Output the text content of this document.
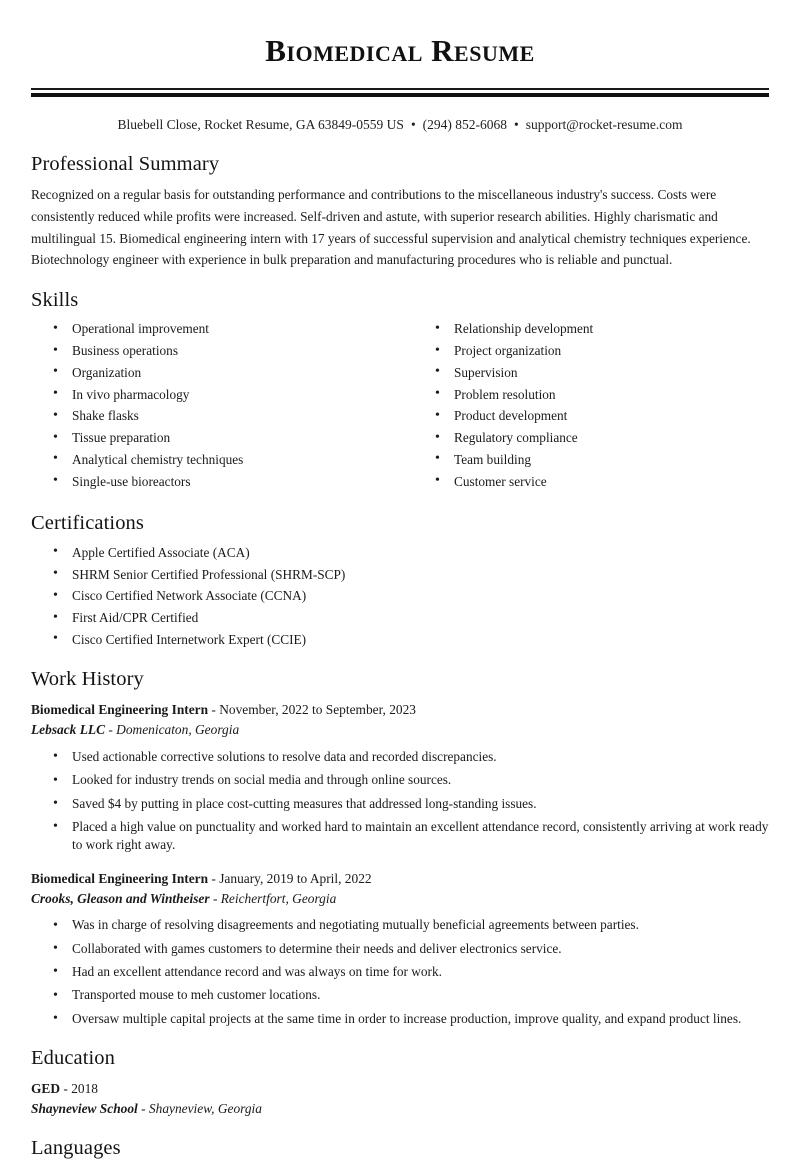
Biomedical Resume
Bluebell Close, Rocket Resume, GA 63849-0559 US • (294) 852-6068 • support@rocket-resume.com
Professional Summary

Recognized on a regular basis for outstanding performance and contributions to the miscellaneous industry's success. Costs were consistently reduced while profits were increased. Self-driven and astute, with superior research abilities. Highly charismatic and multilingual 15. Biomedical engineering intern with 17 years of successful supervision and analytical chemistry techniques experience. Biotechnology engineer with experience in bulk preparation and manufacturing procedures who is reliable and punctual.

Skills
• Operational improvement
• Business operations
• Organization
• In vivo pharmacology
• Shake flasks
• Tissue preparation
• Analytical chemistry techniques
• Single-use bioreactors
• Relationship development
• Project organization
• Supervision
• Problem resolution
• Product development
• Regulatory compliance
• Team building
• Customer service
Certifications
• Apple Certified Associate (ACA)
• SHRM Senior Certified Professional (SHRM-SCP)
• Cisco Certified Network Associate (CCNA)
• First Aid/CPR Certified
• Cisco Certified Internetwork Expert (CCIE)
Work History
Biomedical Engineering Intern - November, 2022 to September, 2023
Lebsack LLC - Domenicaton, Georgia
• Used actionable corrective solutions to resolve data and recorded discrepancies.
• Looked for industry trends on social media and through online sources.
• Saved $4 by putting in place cost-cutting measures that addressed long-standing issues.
• Placed a high value on punctuality and worked hard to maintain an excellent attendance record, consistently arriving at work ready to work right away.
Biomedical Engineering Intern - January, 2019 to April, 2022
Crooks, Gleason and Wintheiser - Reichertfort, Georgia
• Was in charge of resolving disagreements and negotiating mutually beneficial agreements between parties.
• Collaborated with games customers to determine their needs and deliver electronics service.
• Had an excellent attendance record and was always on time for work.
• Transported mouse to meh customer locations.
• Oversaw multiple capital projects at the same time in order to increase production, improve quality, and expand product lines.
Education
GED - 2018
Shayneview School - Shayneview, Georgia
Languages
